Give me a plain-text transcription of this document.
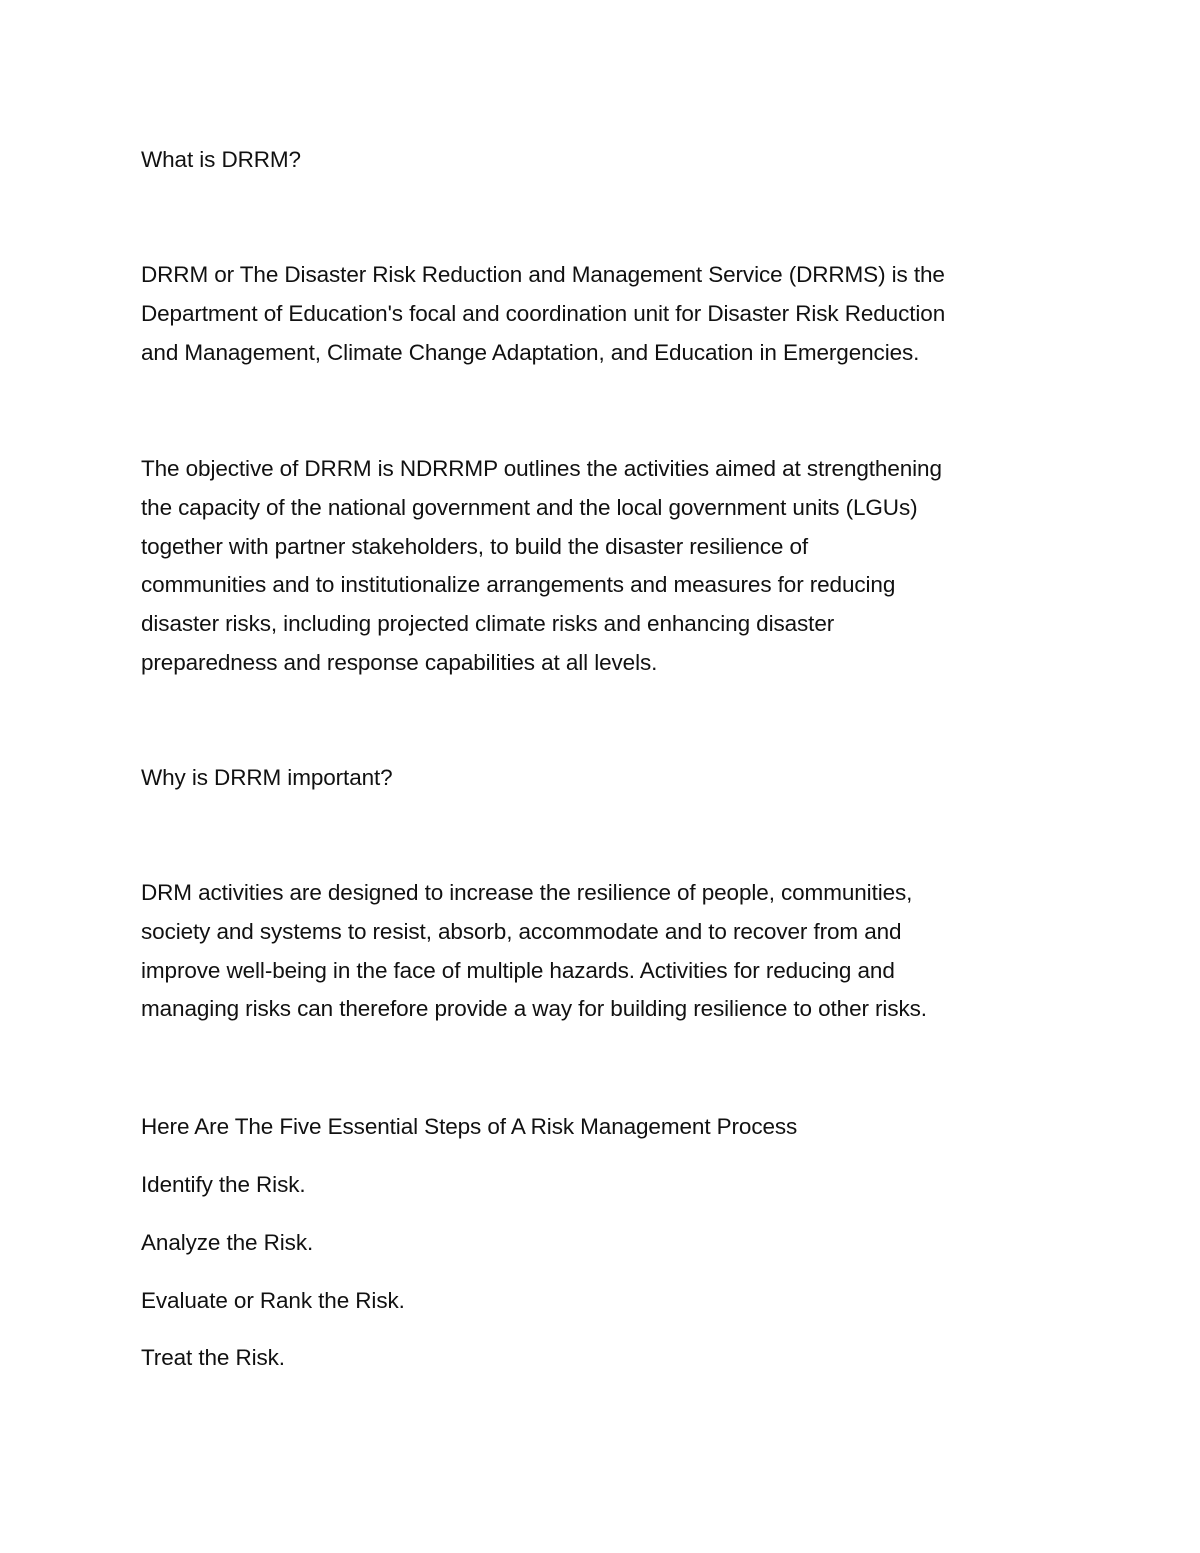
What is DRRM?

DRRM or The Disaster Risk Reduction and Management Service (DRRMS) is the
Department of Education's focal and coordination unit for Disaster Risk Reduction
and Management, Climate Change Adaptation, and Education in Emergencies.

The objective of DRRM is NDRRMP outlines the activities aimed at strengthening
the capacity of the national government and the local government units (LGUs)
together with partner stakeholders, to build the disaster resilience of
communities and to institutionalize arrangements and measures for reducing
disaster risks, including projected climate risks and enhancing disaster
preparedness and response capabilities at all levels.

Why is DRRM important?

DRM activities are designed to increase the resilience of people, communities,
society and systems to resist, absorb, accommodate and to recover from and
improve well-being in the face of multiple hazards. Activities for reducing and
managing risks can therefore provide a way for building resilience to other risks.

Here Are The Five Essential Steps of A Risk Management Process

Identify the Risk.

Analyze the Risk.

Evaluate or Rank the Risk.

Treat the Risk.
